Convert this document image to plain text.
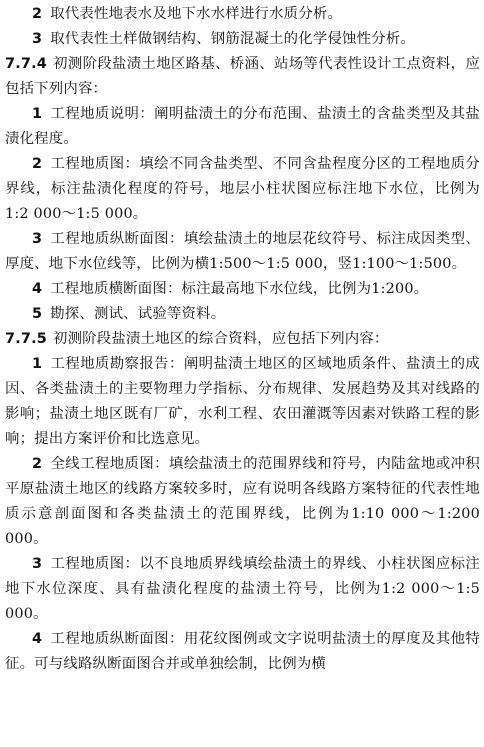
2 取代表性地表水及地下水水样进行水质分析。

3 取代表性土样做钢结构、钢筋混凝土的化学侵蚀性分析。

7.7.4 初测阶段盐渍土地区路基、桥涵、站场等代表性设计工点资料，应包括下列内容：

1 工程地质说明：阐明盐渍土的分布范围、盐渍土的含盐类型及其盐渍化程度。

2 工程地质图：填绘不同含盐类型、不同含盐程度分区的工程地质分界线，标注盐渍化程度的符号，地层小柱状图应标注地下水位，比例为1:2 000～1:5 000。

3 工程地质纵断面图：填绘盐渍土的地层花纹符号、标注成因类型、厚度、地下水位线等，比例为横1:500～1:5 000，竖1:100～1:500。

4 工程地质横断面图：标注最高地下水位线，比例为1:200。

5 勘探、测试、试验等资料。

7.7.5 初测阶段盐渍土地区的综合资料，应包括下列内容：

1 工程地质勘察报告：阐明盐渍土地区的区域地质条件、盐渍土的成因、各类盐渍土的主要物理力学指标、分布规律、发展趋势及其对线路的影响；盐渍土地区既有厂矿，水利工程、农田灌溉等因素对铁路工程的影响；提出方案评价和比选意见。

2 全线工程地质图：填绘盐渍土的范围界线和符号，内陆盆地或冲积平原盐渍土地区的线路方案较多时，应有说明各线路方案特征的代表性地质示意剖面图和各类盐渍土的范围界线，比例为1:10 000～1:200 000。

3 工程地质图：以不良地质界线填绘盐渍土的界线、小柱状图应标注地下水位深度、具有盐渍化程度的盐渍土符号，比例为1:2 000～1:5 000。

4 工程地质纵断面图：用花纹图例或文字说明盐渍土的厚度及其他特征。可与线路纵断面图合并或单独绘制，比例为横
